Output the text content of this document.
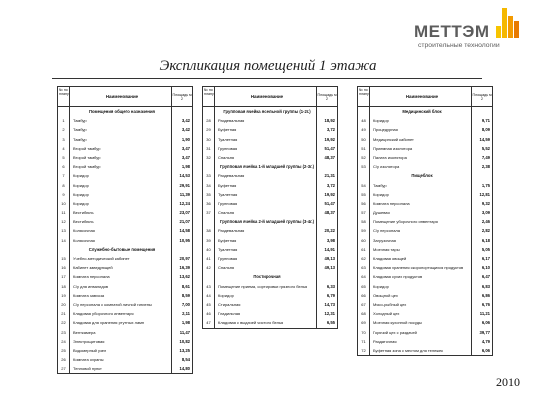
МЕТТЭМ
строительные технологии
Экспликация помещений 1 этажа
№ по плану	Наименование	Площадь м 2
Помещения общего назначения
1	Тамбур	3,42
2	Тамбур	3,42
3	Тамбур	1,90
4	Второй тамбур	3,47
5	Второй тамбур	3,47
6	Второй тамбур	1,98
7	Коридор	14,53
8	Коридор	29,91
9	Коридор	11,39
10	Коридор	12,24
11	Вестибюль	23,07
12	Вестибюль	21,07
13	Колясочная	14,58
14	Колясочная	10,95
Служебно-бытовые помещения
15	Учебно-методический кабинет	20,97
16	Кабинет заведующей	16,39
17	Комната персонала	13,62
18	С/у для инвалидов	8,61
19	Комната завхоза	8,59
20	С/у персонала с комнатой личной гигиены	7,00
21	Кладовая уборочного инвентаря	2,11
22	Кладовая для хранения ртутных ламп	1,98
23	Венткамера	11,47
24	Электрощитовая	10,82
25	Водомерный узел	13,25
26	Комната охраны	8,54
27	Тепловой пункт	14,80
№ по плану	Наименование	Площадь м 2
Групповая ячейка ясельной группы (1-2г.)
28	Раздевальная	18,92
29	Буфетная	3,72
30	Туалетная	19,92
31	Групповая	51,47
32	Спальня	48,37
Групповая ячейка 1-й младшей группы (2-3г.)
33	Раздевальная	21,31
34	Буфетная	3,72
35	Туалетная	19,92
36	Групповая	51,47
37	Спальня	48,37
Групповая ячейка 2-й младшей группы (3-4г.)
38	Раздевальная	20,22
39	Буфетная	3,98
40	Туалетная	14,91
41	Групповая	49,13
42	Спальня	49,13
Постирочная
43	Помещение приема, сортировки грязного белья	6,33
44	Коридор	6,79
45	Стиральная	14,73
46	Гладильная	12,31
47	Кладовая с выдачей чистого белья	6,55
№ по плану	Наименование	Площадь м 2
Медицинский блок
48	Коридор	9,71
49	Процедурная	8,09
50	Медицинский кабинет	14,59
51	Приемная изолятора	5,52
52	Палата изолятора	7,49
53	С/у изолятора	2,38
Пищеблок
54	Тамбур	1,75
55	Коридор	12,81
56	Комната персонала	9,32
57	Душевая	3,09
58	Помещение уборочного инвентаря	2,46
59	С/у персонала	2,82
60	Загрузочная	6,18
61	Моечная тары	5,05
62	Кладовая овощей	6,17
63	Кладовая хранения скоропортящихся продуктов	6,10
64	Кладовая сухих продуктов	6,47
65	Коридор	6,83
66	Овощной цех	6,86
67	Мясо-рыбный цех	6,76
68	Холодный цех	11,21
69	Моечная кухонной посуды	6,06
70	Горячий цех с раздачей	39,77
71	Раздаточная	4,79
72	Буфетная зона с местом для тележек	6,06
2010
